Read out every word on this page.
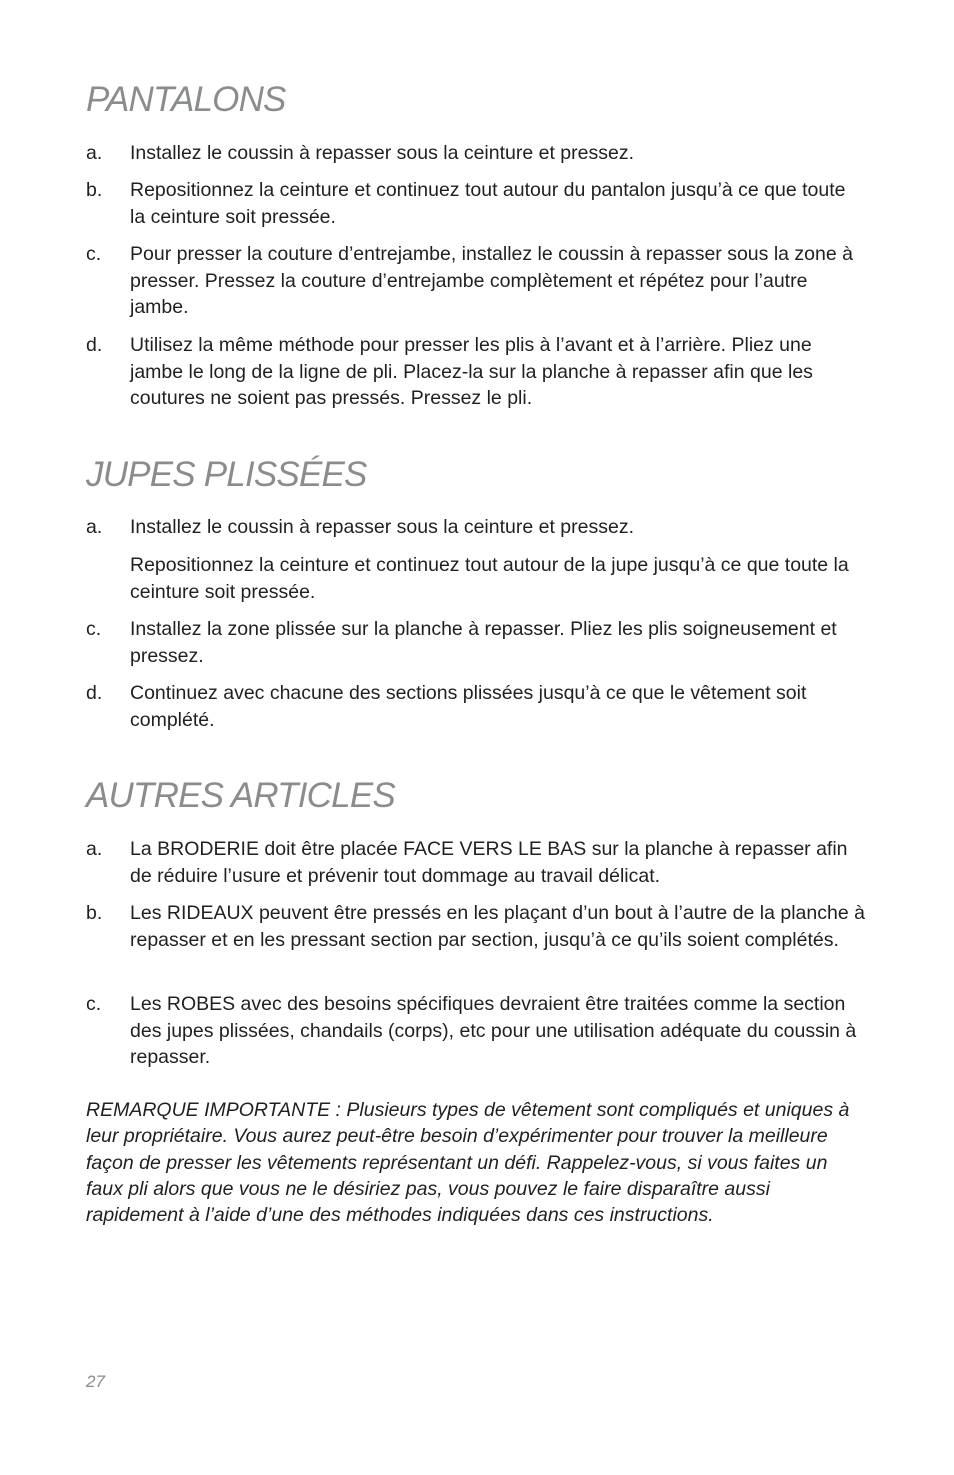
PANTALONS
a.	Installez le coussin à repasser sous la ceinture et pressez.
b.	Repositionnez la ceinture et continuez tout autour du pantalon jusqu’à ce que toute la ceinture soit pressée.
c.	Pour presser la couture d’entrejambe, installez le coussin à repasser sous la zone à presser. Pressez la couture d’entrejambe complètement et répétez pour l’autre jambe.
d.	Utilisez la même méthode pour presser les plis à l’avant et à l’arrière. Pliez une jambe le long de la ligne de pli. Placez-la sur la planche à repasser afin que les coutures ne soient pas pressés. Pressez le pli.
JUPES PLISSÉES
a.	Installez le coussin à repasser sous la ceinture et pressez.
Repositionnez la ceinture et continuez tout autour de la jupe jusqu’à ce que toute la ceinture soit pressée.
c.	Installez la zone plissée sur la planche à repasser. Pliez les plis soigneusement et pressez.
d.	Continuez avec chacune des sections plissées jusqu’à ce que le vêtement soit complété.
AUTRES ARTICLES
a.	La BRODERIE doit être placée FACE VERS LE BAS sur la planche à repasser afin de réduire l’usure et prévenir tout dommage au travail délicat.
b.	Les RIDEAUX peuvent être pressés en les plaçant d’un bout à l’autre de la planche à repasser et en les pressant section par section, jusqu’à ce qu’ils soient complétés.
c.	Les ROBES avec des besoins spécifiques devraient être traitées comme la section des jupes plissées, chandails (corps), etc pour une utilisation adéquate du coussin à repasser.
REMARQUE IMPORTANTE : Plusieurs types de vêtement sont compliqués et uniques à leur propriétaire. Vous aurez peut-être besoin d’expérimenter pour trouver la meilleure façon de presser les vêtements représentant un défi. Rappelez-vous, si vous faites un faux pli alors que vous ne le désiriez pas, vous pouvez le faire disparaître aussi rapidement à l’aide d’une des méthodes indiquées dans ces instructions.
27
